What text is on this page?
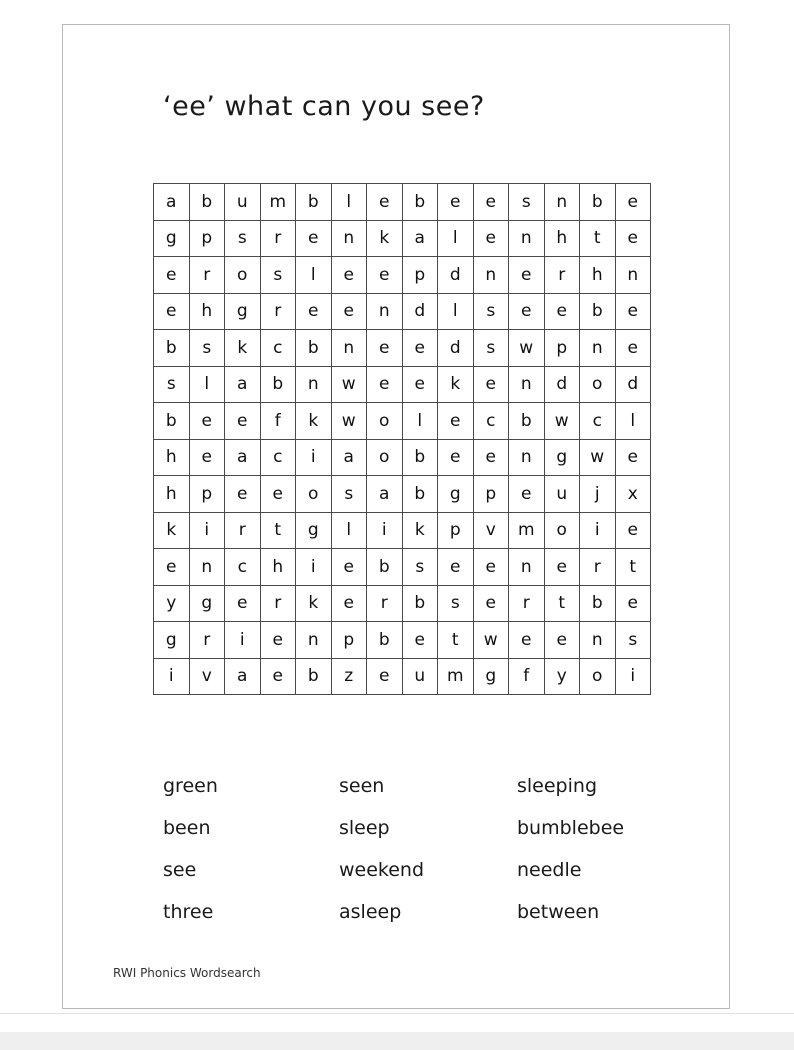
‘ee’ what can you see?
a	b	u	m	b	l	e	b	e	e	s	n	b	e
g	p	s	r	e	n	k	a	l	e	n	h	t	e
e	r	o	s	l	e	e	p	d	n	e	r	h	n
e	h	g	r	e	e	n	d	l	s	e	e	b	e
b	s	k	c	b	n	e	e	d	s	w	p	n	e
s	l	a	b	n	w	e	e	k	e	n	d	o	d
b	e	e	f	k	w	o	l	e	c	b	w	c	l
h	e	a	c	i	a	o	b	e	e	n	g	w	e
h	p	e	e	o	s	a	b	g	p	e	u	j	x
k	i	r	t	g	l	i	k	p	v	m	o	i	e
e	n	c	h	i	e	b	s	e	e	n	e	r	t
y	g	e	r	k	e	r	b	s	e	r	t	b	e
g	r	i	e	n	p	b	e	t	w	e	e	n	s
i	v	a	e	b	z	e	u	m	g	f	y	o	i
green
been
see
three
seen
sleep
weekend
asleep
sleeping
bumblebee
needle
between
RWI Phonics Wordsearch
